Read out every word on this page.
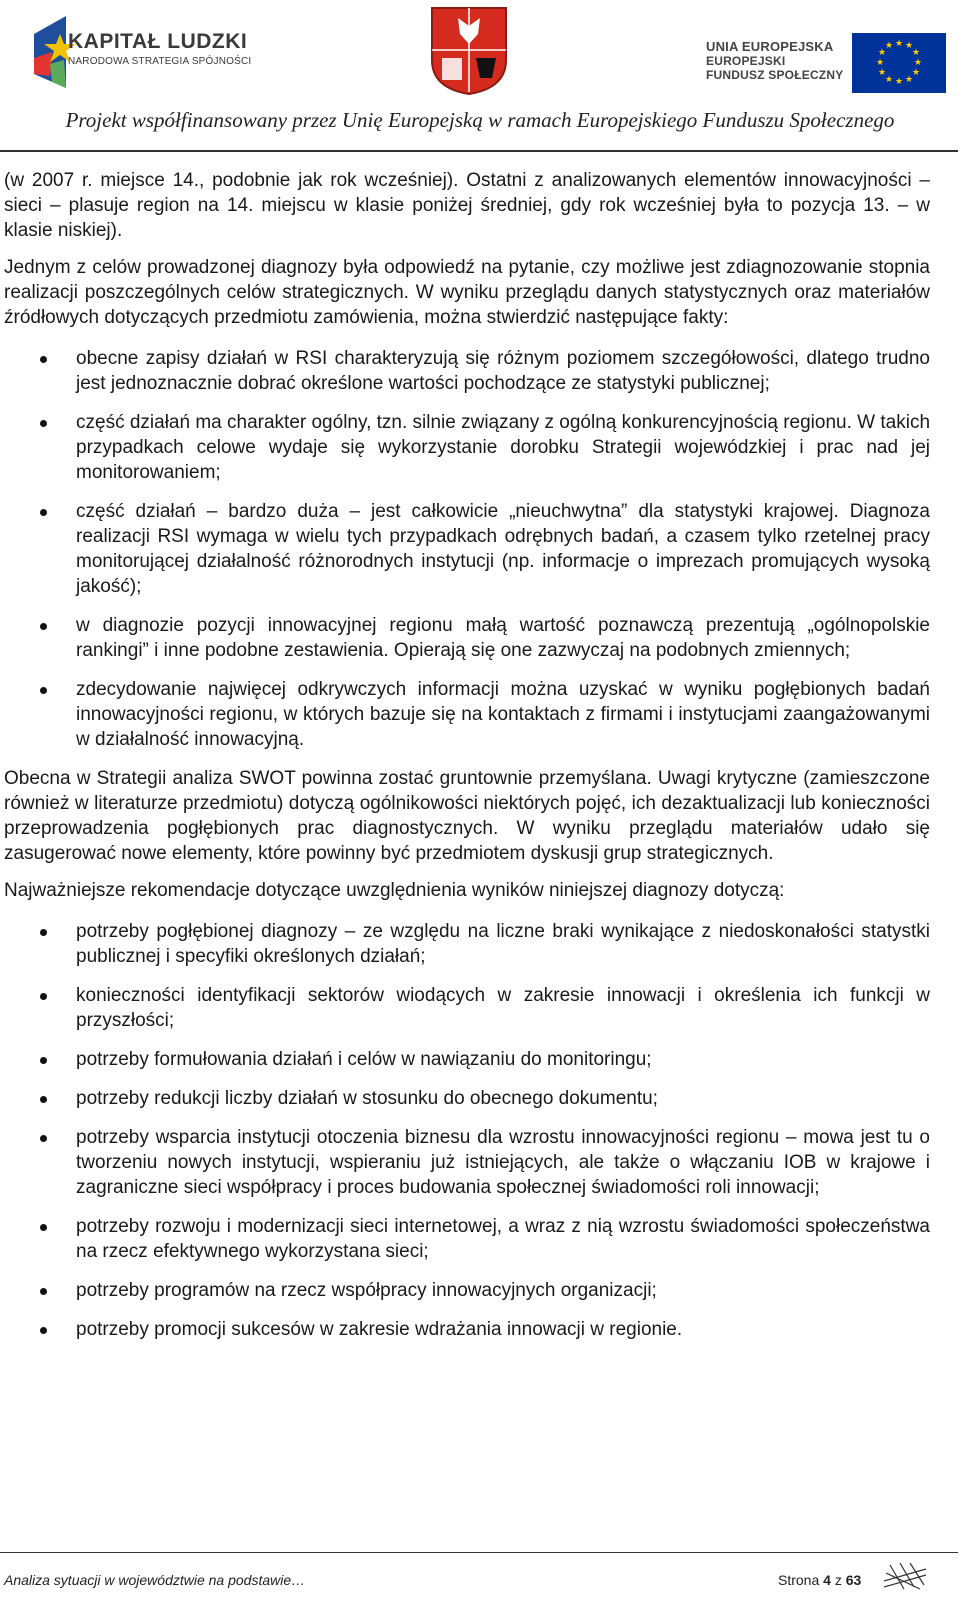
KAPITAŁ LUDZKI
NARODOWA STRATEGIA SPÓJNOŚCI
UNIA EUROPEJSKA
EUROPEJSKI
FUNDUSZ SPOŁECZNY
★ ★
★
★
★
★
★
★
★
★
★
★
Projekt współfinansowany przez Unię Europejską w ramach Europejskiego Funduszu Społecznego

(w 2007 r. miejsce 14., podobnie jak rok wcześniej). Ostatni z analizowanych elementów innowacyjności – sieci – plasuje region na 14. miejscu w klasie poniżej średniej, gdy rok wcześniej była to pozycja 13. – w klasie niskiej).

Jednym z celów prowadzonej diagnozy była odpowiedź na pytanie, czy możliwe jest zdiagnozowanie stopnia realizacji poszczególnych celów strategicznych. W wyniku przeglądu danych statystycznych oraz materiałów źródłowych dotyczących przedmiotu zamówienia, można stwierdzić następujące fakty:

obecne zapisy działań w RSI charakteryzują się różnym poziomem szczegółowości, dlatego trudno jest jednoznacznie dobrać określone wartości pochodzące ze statystyki publicznej;
część działań ma charakter ogólny, tzn. silnie związany z ogólną konkurencyjnością regionu. W takich przypadkach celowe wydaje się wykorzystanie dorobku Strategii wojewódzkiej i prac nad jej monitorowaniem;
część działań – bardzo duża – jest całkowicie „nieuchwytna” dla statystyki krajowej. Diagnoza realizacji RSI wymaga w wielu tych przypadkach odrębnych badań, a czasem tylko rzetelnej pracy monitorującej działalność różnorodnych instytucji (np. informacje o imprezach promujących wysoką jakość);
w diagnozie pozycji innowacyjnej regionu małą wartość poznawczą prezentują „ogólnopolskie rankingi” i inne podobne zestawienia. Opierają się one zazwyczaj na podobnych zmiennych;
zdecydowanie najwięcej odkrywczych informacji można uzyskać w wyniku pogłębionych badań innowacyjności regionu, w których bazuje się na kontaktach z firmami i instytucjami zaangażowanymi w działalność innowacyjną.

Obecna w Strategii analiza SWOT powinna zostać gruntownie przemyślana. Uwagi krytyczne (zamieszczone również w literaturze przedmiotu) dotyczą ogólnikowości niektórych pojęć, ich dezaktualizacji lub konieczności przeprowadzenia pogłębionych prac diagnostycznych. W wyniku przeglądu materiałów udało się zasugerować nowe elementy, które powinny być przedmiotem dyskusji grup strategicznych.

Najważniejsze rekomendacje dotyczące uwzględnienia wyników niniejszej diagnozy dotyczą:

potrzeby pogłębionej diagnozy – ze względu na liczne braki wynikające z niedoskonałości statystki publicznej i specyfiki określonych działań;
konieczności identyfikacji sektorów wiodących w zakresie innowacji i określenia ich funkcji w przyszłości;
potrzeby formułowania działań i celów w nawiązaniu do monitoringu;
potrzeby redukcji liczby działań w stosunku do obecnego dokumentu;
potrzeby wsparcia instytucji otoczenia biznesu dla wzrostu innowacyjności regionu – mowa jest tu o tworzeniu nowych instytucji, wspieraniu już istniejących, ale także o włączaniu IOB w krajowe i zagraniczne sieci współpracy i proces budowania społecznej świadomości roli innowacji;
potrzeby rozwoju i modernizacji sieci internetowej, a wraz z nią wzrostu świadomości społeczeństwa na rzecz efektywnego wykorzystana sieci;
potrzeby programów na rzecz współpracy innowacyjnych organizacji;
potrzeby promocji sukcesów w zakresie wdrażania innowacji w regionie.
Analiza sytuacji w województwie na podstawie…	Strona 4 z 63
